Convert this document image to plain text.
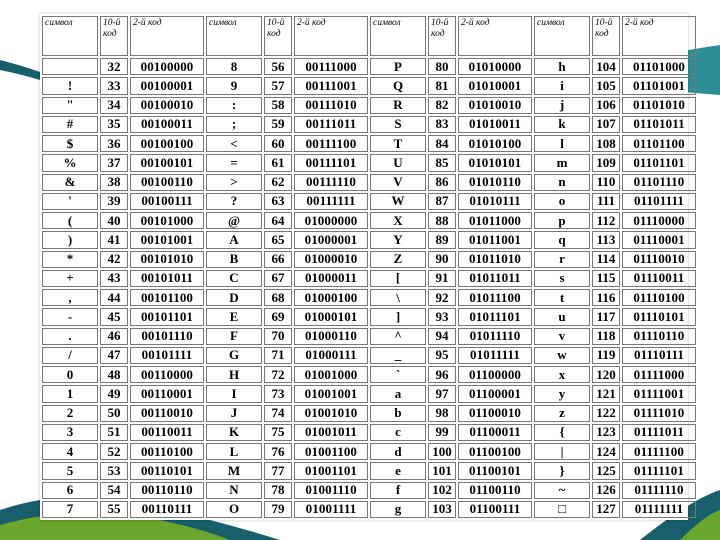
символ	10-й код	2-й код	символ	10-й код	2-й код	символ	10-й код	2-й код	символ	10-й код	2-й код
	32	00100000	8	56	00111000	P	80	01010000	h	104	01101000
!	33	00100001	9	57	00111001	Q	81	01010001	i	105	01101001
"	34	00100010	:	58	00111010	R	82	01010010	j	106	01101010
#	35	00100011	;	59	00111011	S	83	01010011	k	107	01101011
$	36	00100100	<	60	00111100	T	84	01010100	l	108	01101100
%	37	00100101	=	61	00111101	U	85	01010101	m	109	01101101
&	38	00100110	>	62	00111110	V	86	01010110	n	110	01101110
'	39	00100111	?	63	00111111	W	87	01010111	o	111	01101111
(	40	00101000	@	64	01000000	X	88	01011000	p	112	01110000
)	41	00101001	A	65	01000001	Y	89	01011001	q	113	01110001
*	42	00101010	B	66	01000010	Z	90	01011010	r	114	01110010
+	43	00101011	C	67	01000011	[	91	01011011	s	115	01110011
,	44	00101100	D	68	01000100	\	92	01011100	t	116	01110100
-	45	00101101	E	69	01000101	]	93	01011101	u	117	01110101
.	46	00101110	F	70	01000110	^	94	01011110	v	118	01110110
/	47	00101111	G	71	01000111	_	95	01011111	w	119	01110111
0	48	00110000	H	72	01001000	`	96	01100000	x	120	01111000
1	49	00110001	I	73	01001001	a	97	01100001	y	121	01111001
2	50	00110010	J	74	01001010	b	98	01100010	z	122	01111010
3	51	00110011	K	75	01001011	c	99	01100011	{	123	01111011
4	52	00110100	L	76	01001100	d	100	01100100	|	124	01111100
5	53	00110101	M	77	01001101	e	101	01100101	}	125	01111101
6	54	00110110	N	78	01001110	f	102	01100110	~	126	01111110
7	55	00110111	O	79	01001111	g	103	01100111	□	127	01111111
